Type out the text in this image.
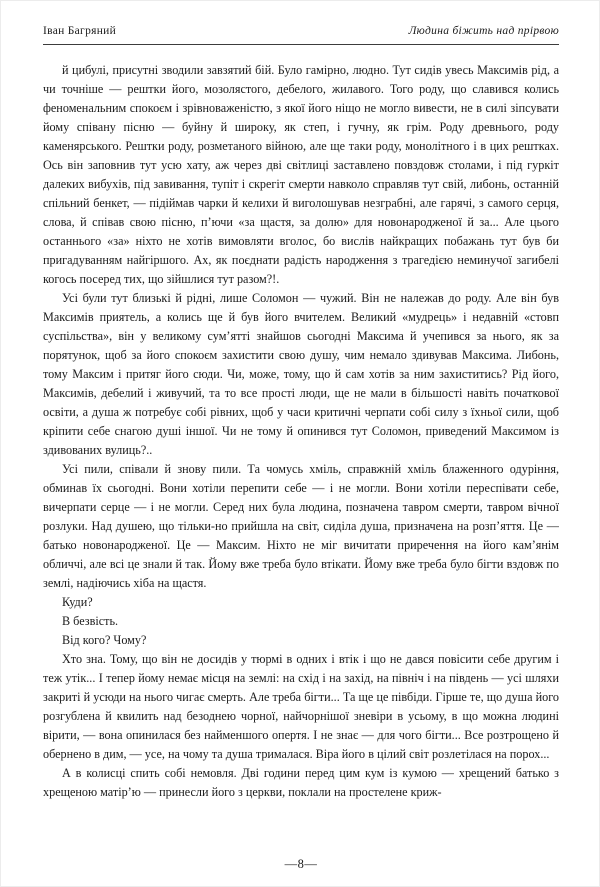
Іван Багряний	Людина біжить над прірвою

й цибулі, присутні зводили завзятий бій. Було гамірно, людно. Тут сидів увесь Максимів рід, а чи точніше — рештки його, мозолястого, дебелого, жилавого. Того роду, що славився колись феноменальним спокоєм і зрівноваженістю, з якої його ніщо не могло вивести, не в силі зіпсувати йому співану пісню — буйну й широку, як степ, і гучну, як грім. Роду древнього, роду каменярського. Рештки роду, розметаного війною, але ще таки роду, монолітного і в цих рештках. Ось він заповнив тут усю хату, аж через дві світлиці заставлено повздовж столами, і під гуркіт далеких вибухів, під завивання, тупіт і скрегіт смерти навколо справляв тут свій, либонь, останній спільний бенкет, — підіймав чарки й келихи й виголошував незграбні, але гарячі, з самого серця, слова, й співав свою пісню, п’ючи «за щастя, за долю» для новонародженої й за... Але цього останнього «за» ніхто не хотів вимовляти вголос, бо вислів найкращих побажань тут був би пригадуванням найгіршого. Ах, як поєднати радість народження з трагедією неминучої загибелі когось посеред тих, що зійшлися тут разом?!.

Усі були тут близькі й рідні, лише Соломон — чужий. Він не належав до роду. Але він був Максимів приятель, а колись ще й був його вчителем. Великий «мудрець» і недавній «стовп суспільства», він у великому сум’ятті знайшов сьогодні Максима й учепився за нього, як за порятунок, щоб за його спокоєм захистити свою душу, чим немало здивував Максима. Либонь, тому Максим і притяг його сюди. Чи, може, тому, що й сам хотів за ним захиститись? Рід його, Максимів, дебелий і живучий, та то все прості люди, ще не мали в більшості навіть початкової освіти, а душа ж потребує собі рівних, щоб у часи критичні черпати собі силу з їхньої сили, щоб кріпити себе снагою душі іншої. Чи не тому й опинився тут Соломон, приведений Максимом із здивованих вулиць?..

Усі пили, співали й знову пили. Та чомусь хміль, справжній хміль блаженного одуріння, обминав їх сьогодні. Вони хотіли перепити себе — і не могли. Вони хотіли переспівати себе, вичерпати серце — і не могли. Серед них була людина, позначена тавром смерти, тавром вічної розлуки. Над душею, що тільки-но прийшла на світ, сиділа душа, призначена на розп’яття. Це — батько новонародженої. Це — Максим. Ніхто не міг вичитати приречення на його кам’янім обличчі, але всі це знали й так. Йому вже треба було втікати. Йому вже треба було бігти вздовж по землі, надіючись хіба на щастя.

Куди?

В безвість.

Від кого? Чому?

Хто зна. Тому, що він не досидів у тюрмі в одних і втік і що не дався повісити себе другим і теж утік... І тепер йому немає місця на землі: на схід і на захід, на північ і на південь — усі шляхи закриті й усюди на нього чигає смерть. Але треба бігти... Та ще це півбіди. Гірше те, що душа його розгублена й квилить над безоднею чорної, найчорнішої зневіри в усьому, в що можна людині вірити, — вона опинилася без найменшого опертя. І не знає — для чого бігти... Все розтрощено й обернено в дим, — усе, на чому та душа трималася. Віра його в цілий світ розлетілася на порох...

А в колисці спить собі немовля. Дві години перед цим кум із кумою — хрещений батько з хрещеною матір’ю — принесли його з церкви, поклали на простелене криж-

—8—
